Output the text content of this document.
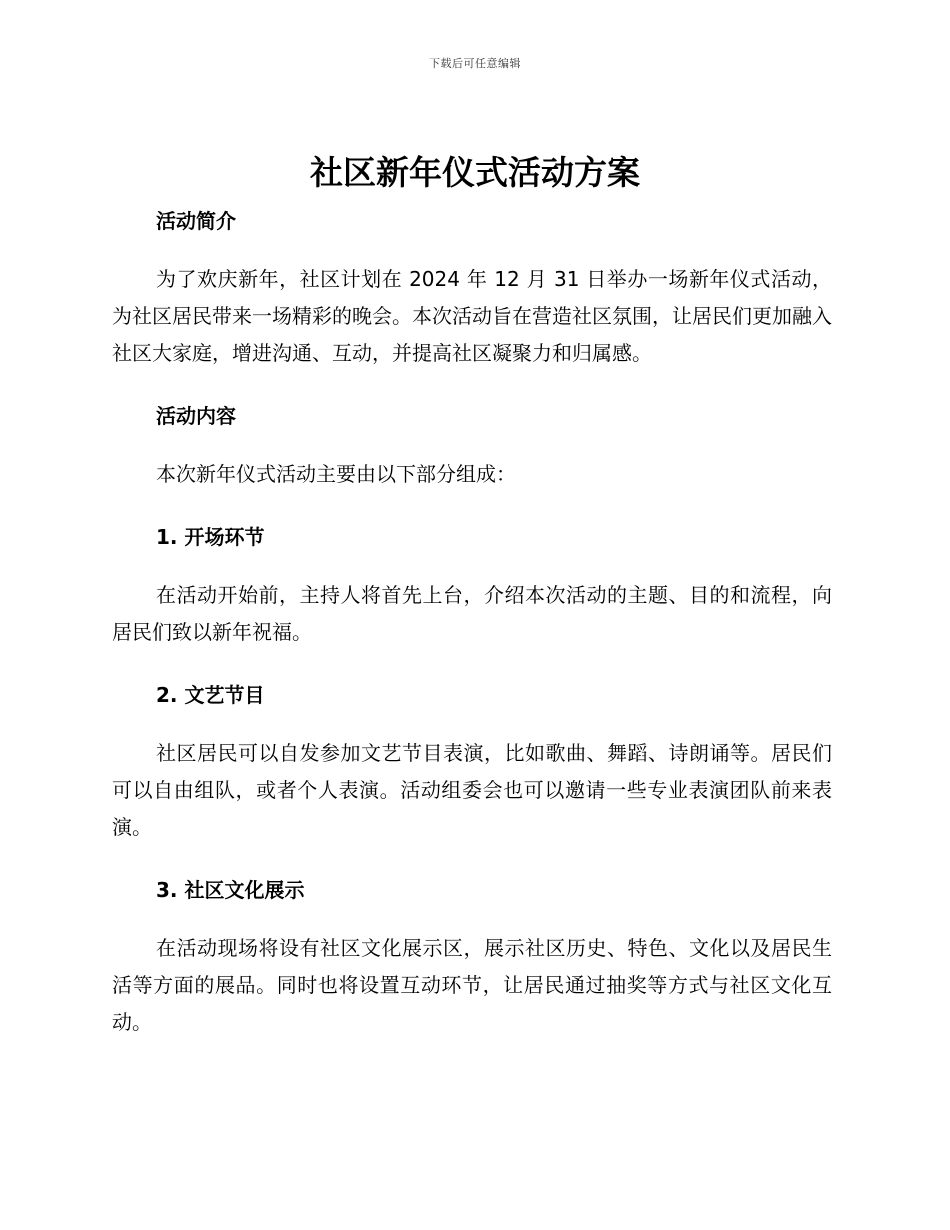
下载后可任意编辑
社区新年仪式活动方案
活动简介
为了欢庆新年，社区计划在 2024 年 12 月 31 日举办一场新年仪式活动，为社区居民带来一场精彩的晚会。本次活动旨在营造社区氛围，让居民们更加融入社区大家庭，增进沟通、互动，并提高社区凝聚力和归属感。
活动内容
本次新年仪式活动主要由以下部分组成：
1. 开场环节
在活动开始前，主持人将首先上台，介绍本次活动的主题、目的和流程，向居民们致以新年祝福。
2. 文艺节目
社区居民可以自发参加文艺节目表演，比如歌曲、舞蹈、诗朗诵等。居民们可以自由组队，或者个人表演。活动组委会也可以邀请一些专业表演团队前来表演。
3. 社区文化展示
在活动现场将设有社区文化展示区，展示社区历史、特色、文化以及居民生活等方面的展品。同时也将设置互动环节，让居民通过抽奖等方式与社区文化互动。
